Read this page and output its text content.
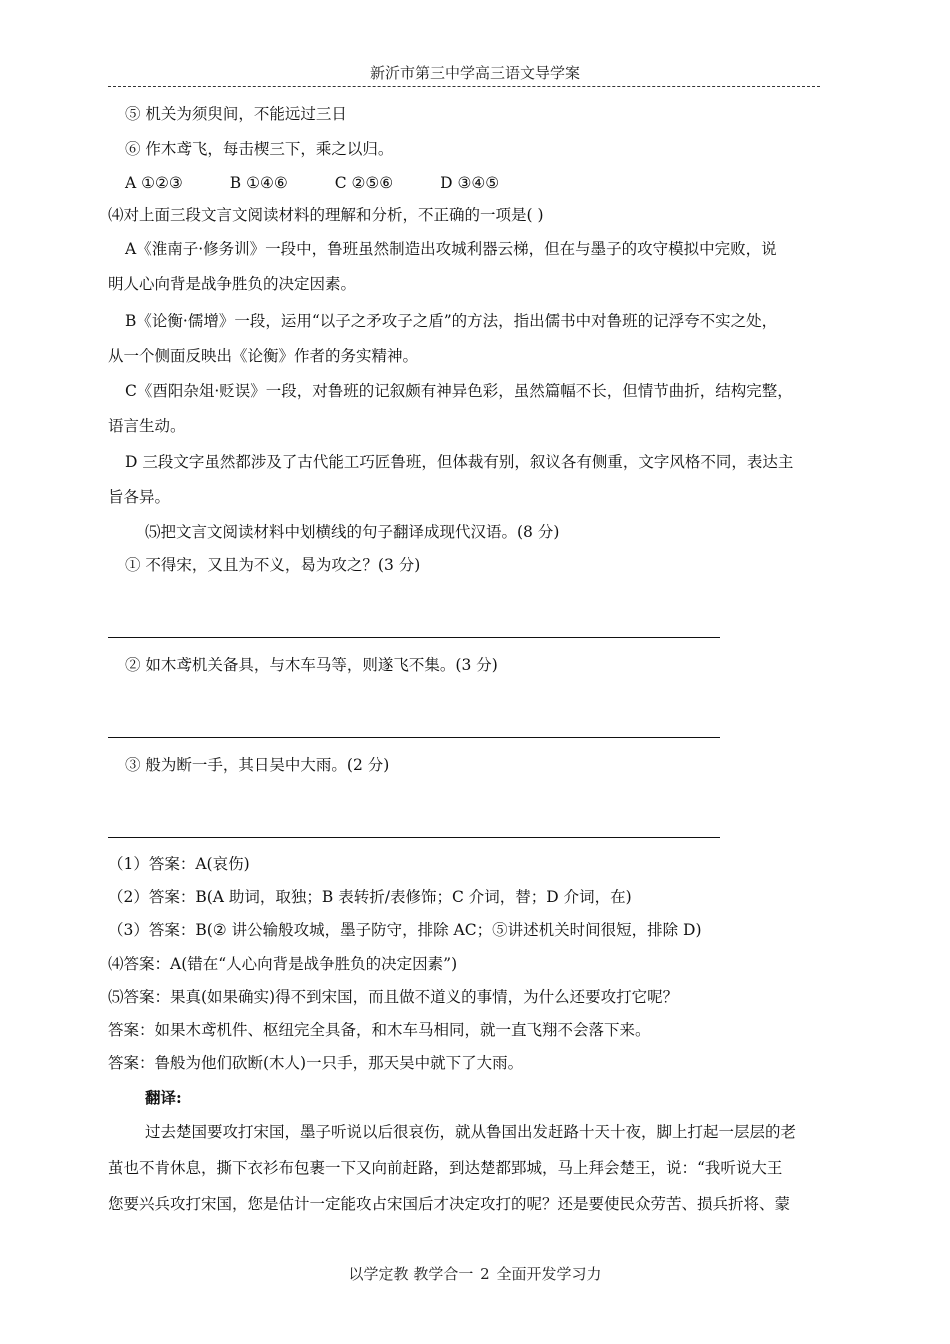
新沂市第三中学高三语文导学案
⑤ 机关为须臾间，不能远过三日
⑥ 作木鸢飞，每击楔三下，乘之以归。
A ①②③	B ①④⑥	C ②⑤⑥	D ③④⑤
⑷对上面三段文言文阅读材料的理解和分析，不正确的一项是( )
A《淮南子·修务训》一段中，鲁班虽然制造出攻城利器云梯，但在与墨子的攻守模拟中完败，说
明人心向背是战争胜负的决定因素。
B《论衡·儒增》一段，运用“以子之矛攻子之盾”的方法，指出儒书中对鲁班的记浮夸不实之处，
从一个侧面反映出《论衡》作者的务实精神。
C《酉阳杂俎·贬误》一段，对鲁班的记叙颇有神异色彩，虽然篇幅不长，但情节曲折，结构完整，
语言生动。
D 三段文字虽然都涉及了古代能工巧匠鲁班，但体裁有别，叙议各有侧重，文字风格不同，表达主
旨各异。
⑸把文言文阅读材料中划横线的句子翻译成现代汉语。(8 分)
① 不得宋，又且为不义，曷为攻之？(3 分)
② 如木鸢机关备具，与木车马等，则遂飞不集。(3 分)
③ 般为断一手，其日吴中大雨。(2 分)
（1）答案：A(哀伤)
（2）答案：B(A 助词，取独；B 表转折/表修饰；C 介词，替；D 介词，在)
（3）答案：B(② 讲公输般攻城，墨子防守，排除 AC；⑤讲述机关时间很短，排除 D)
⑷答案：A(错在“人心向背是战争胜负的决定因素”)
⑸答案：果真(如果确实)得不到宋国，而且做不道义的事情，为什么还要攻打它呢？
答案：如果木鸢机件、枢纽完全具备，和木车马相同，就一直飞翔不会落下来。
答案：鲁般为他们砍断(木人)一只手，那天吴中就下了大雨。
翻译:
过去楚国要攻打宋国，墨子听说以后很哀伤，就从鲁国出发赶路十天十夜，脚上打起一层层的老
茧也不肯休息，撕下衣衫布包裹一下又向前赶路，到达楚都郢城，马上拜会楚王，说：“我听说大王
您要兴兵攻打宋国，您是估计一定能攻占宋国后才决定攻打的呢？还是要使民众劳苦、损兵折将、蒙
以学定教 教学合一 2 全面开发学习力
